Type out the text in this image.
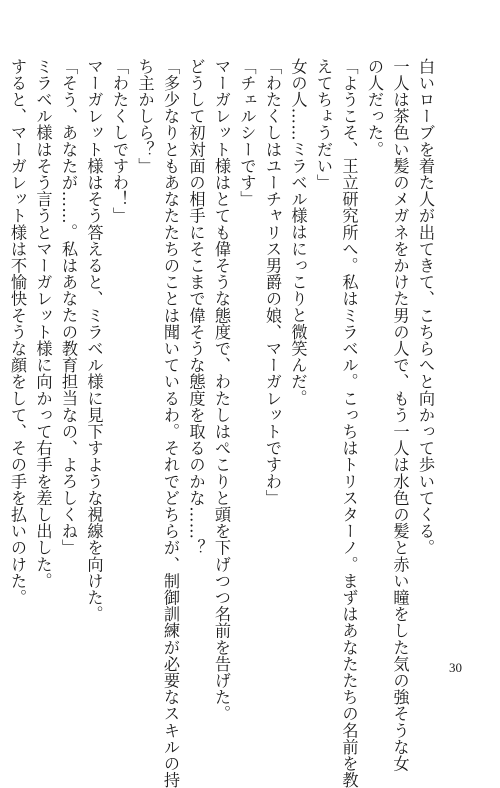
白いローブを着た人が出てきて、こちらへと向かって歩いてくる。
一人は茶色い髪のメガネをかけた男の人で、もう一人は水色の髪と赤い瞳をした気の強そうな女
の人だった。
「ようこそ、王立研究所へ。私はミラベル。こっちはトリスターノ。まずはあなたたちの名前を教
えてちょうだい」
女の人……ミラベル様はにっこりと微笑んだ。
「わたくしはユーチャリス男爵の娘、マーガレットですわ」
「チェルシーです」
マーガレット様はとても偉そうな態度で、わたしはぺこりと頭を下げつつ名前を告げた。
どうして初対面の相手にそこまで偉そうな態度を取るのかな……？
「多少なりともあなたたちのことは聞いているわ。それでどちらが、制御訓練が必要なスキルの持
ち主かしら？」
「わたくしですわ！」
マーガレット様はそう答えると、ミラベル様に見下すような視線を向けた。
「そう、あなたが……。私はあなたの教育担当なの、よろしくね」
ミラベル様はそう言うとマーガレット様に向かって右手を差し出した。
すると、マーガレット様は不愉快そうな顔をして、その手を払いのけた。
30
